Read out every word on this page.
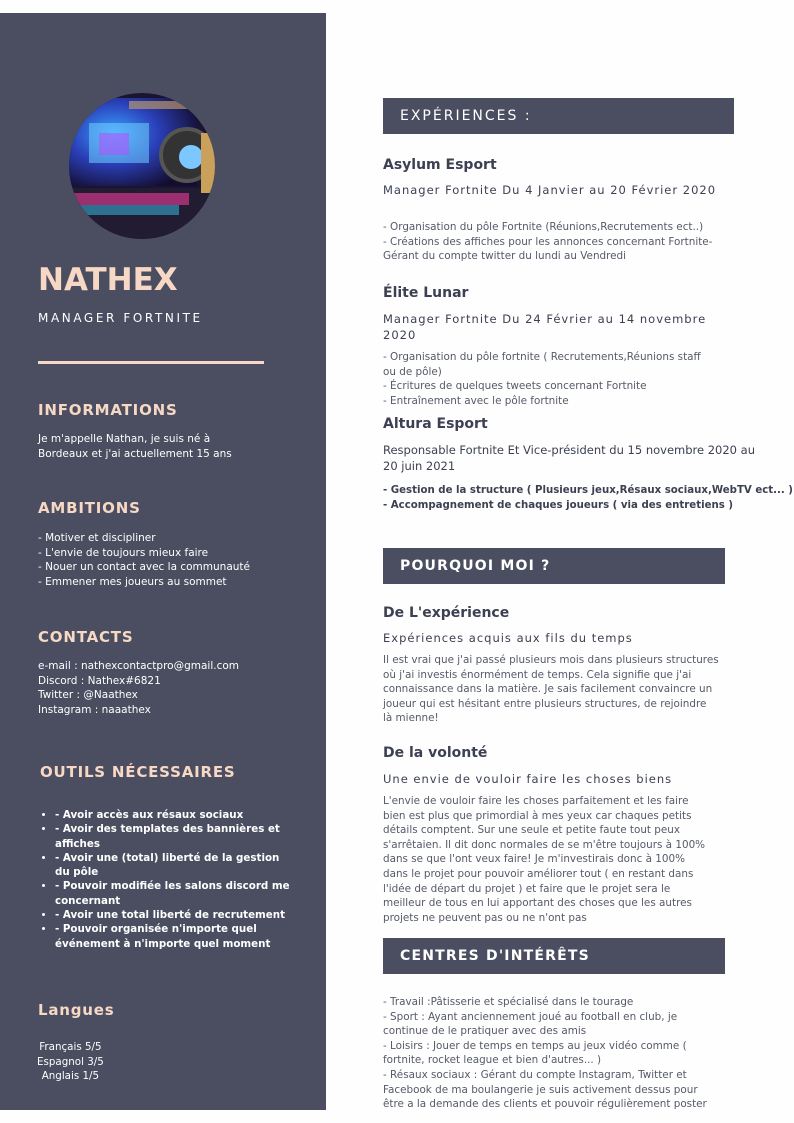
NATHEX
MANAGER FORTNITE
INFORMATIONS
Je m'appelle Nathan, je suis né à
Bordeaux et j'ai actuellement 15 ans
AMBITIONS
- Motiver et discipliner
- L'envie de toujours mieux faire
- Nouer un contact avec la communauté
- Emmener mes joueurs au sommet
CONTACTS
e-mail : nathexcontactpro@gmail.com
Discord : Nathex#6821
Twitter : @Naathex
Instagram : naaathex
OUTILS NÉCESSAIRES
• - Avoir accès aux résaux sociaux
• - Avoir des templates des bannières et affiches
• - Avoir une (total) liberté de la gestion du pôle
• - Pouvoir modifiée les salons discord me concernant
• - Avoir une total liberté de recrutement
• - Pouvoir organisée n'importe quel événement à n'importe quel moment
Langues
Français 5/5
Espagnol 3/5
Anglais 1/5
EXPÉRIENCES :
Asylum Esport
Manager Fortnite Du 4 Janvier au 20 Février 2020
- Organisation du pôle Fortnite (Réunions,Recrutements ect..)
- Créations des affiches pour les annonces concernant Fortnite-
Gérant du compte twitter du lundi au Vendredi
Élite Lunar
Manager Fortnite Du 24 Février au 14 novembre 2020
- Organisation du pôle fortnite ( Recrutements,Réunions staff
ou de pôle)
- Écritures de quelques tweets concernant Fortnite
- Entraînement avec le pôle fortnite
Altura Esport
Responsable Fortnite Et Vice-président du 15 novembre 2020 au 20 juin 2021
- Gestion de la structure ( Plusieurs jeux,Résaux sociaux,WebTV ect... )
- Accompagnement de chaques joueurs ( via des entretiens )
POURQUOI MOI ?
De L'expérience
Expériences acquis aux fils du temps
Il est vrai que j'ai passé plusieurs mois dans plusieurs structures
où j'ai investis énormément de temps. Cela signifie que j'ai
connaissance dans la matière. Je sais facilement convaincre un
joueur qui est hésitant entre plusieurs structures, de rejoindre
là mienne!
De la volonté
Une envie de vouloir faire les choses biens
L'envie de vouloir faire les choses parfaitement et les faire
bien est plus que primordial à mes yeux car chaques petits
détails comptent. Sur une seule et petite faute tout peux
s'arrêtaien. Il dit donc normales de se m'être toujours à 100%
dans se que l'ont veux faire! Je m'investirais donc à 100%
dans le projet pour pouvoir améliorer tout ( en restant dans
l'idée de départ du projet ) et faire que le projet sera le
meilleur de tous en lui apportant des choses que les autres
projets ne peuvent pas ou ne n'ont pas
CENTRES D'INTÉRÊTS
- Travail :Pâtisserie et spécialisé dans le tourage
- Sport : Ayant anciennement joué au football en club, je
continue de le pratiquer avec des amis
- Loisirs : Jouer de temps en temps au jeux vidéo comme (
fortnite, rocket league et bien d'autres... )
- Résaux sociaux : Gérant du compte Instagram, Twitter et
Facebook de ma boulangerie je suis activement dessus pour
être a la demande des clients et pouvoir régulièrement poster
